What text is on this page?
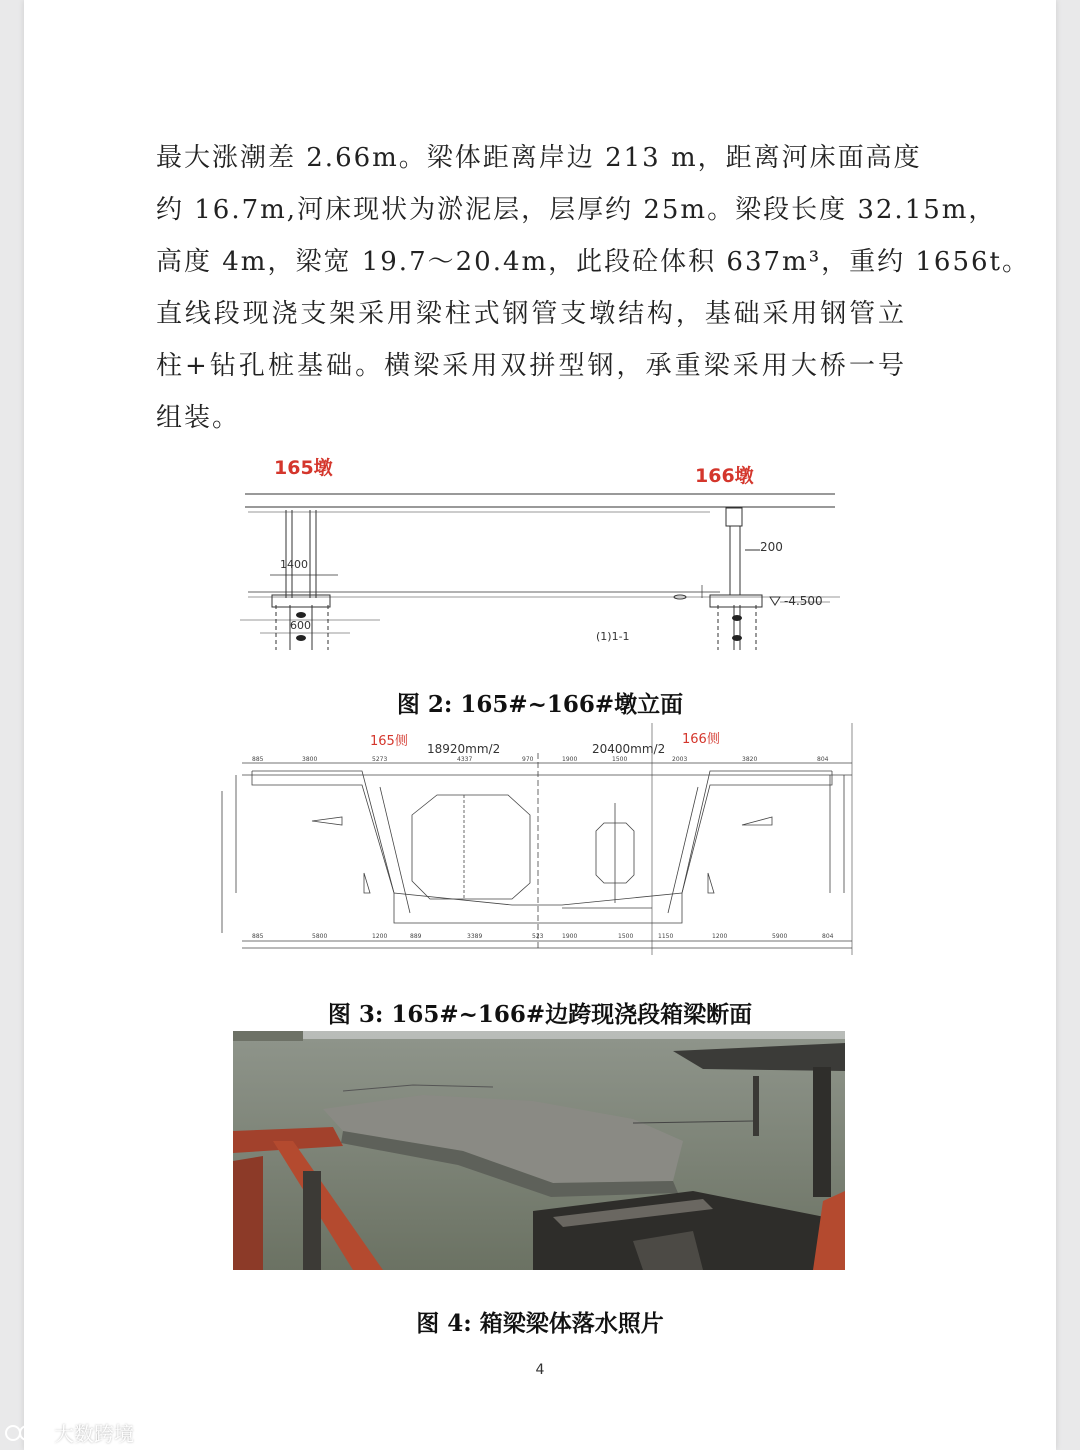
最大涨潮差 2.66m。梁体距离岸边 213 m，距离河床面高度
约 16.7m,河床现状为淤泥层，层厚约 25m。梁段长度 32.15m，
高度 4m，梁宽 19.7～20.4m，此段砼体积 637m³，重约 1656t。
直线段现浇支架采用梁柱式钢管支墩结构，基础采用钢管立
柱+钻孔桩基础。横梁采用双拼型钢，承重梁采用大桥一号
组装。
165墩	166墩
200
1400
600
-4.500
(1)1-1
图 2: 165#~166#墩立面
885	3800	5273	4337	970	1900	1500	2003	3820	804
885	5800	1200	889	3389	523	1900	1500	1150	1200	5900	804
165侧	166侧
18920mm/2	20400mm/2
图 3: 165#~166#边跨现浇段箱梁断面
图 4: 箱梁梁体落水照片
4
大数跨境
